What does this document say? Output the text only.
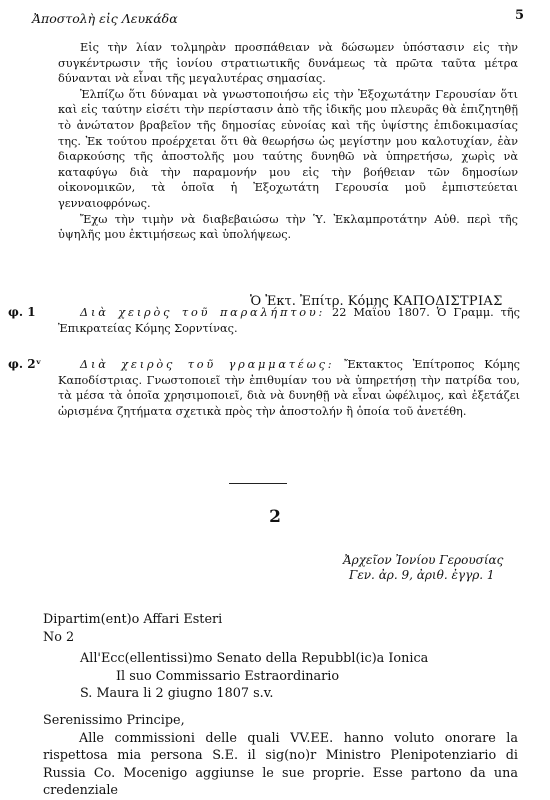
Ἀποστολὴ εἰς Λευκάδα	5

Εἰς τὴν λίαν τολμηρὰν προσπάθειαν νὰ δώσωμεν ὑπόστασιν εἰς τὴν συγκέντρωσιν τῆς ἰονίου στρατιωτικῆς δυνάμεως τὰ πρῶτα ταῦτα μέτρα δύνανται νὰ εἶναι τῆς μεγαλυτέρας σημασίας.

Ἐλπίζω ὅτι δύναμαι νὰ γνωστοποιήσω εἰς τὴν Ἐξοχωτάτην Γερουσίαν ὅτι καὶ εἰς ταύτην εἰσέτι τὴν περίστασιν ἀπὸ τῆς ἰδικῆς μου πλευρᾶς θὰ ἐπιζητηθῇ τὸ ἀνώτατον βραβεῖον τῆς δημοσίας εὐνοίας καὶ τῆς ὑψίστης ἐπιδοκιμασίας της. Ἐκ τούτου προέρχεται ὅτι θὰ θεωρήσω ὡς μεγίστην μου καλοτυχίαν, ἐὰν διαρκούσης τῆς ἀποστολῆς μου ταύτης δυνηθῶ νὰ ὑπηρετήσω, χωρὶς νὰ καταφύγω διὰ τὴν παραμονήν μου εἰς τὴν βοήθειαν τῶν δημοσίων οἰκονομικῶν, τὰ ὁποῖα ἡ Ἐξοχωτάτη Γερουσία μοῦ ἐμπιστεύεται γενναιοφρόνως.

Ἔχω τὴν τιμὴν νὰ διαβεβαιώσω τὴν Ὑ. Ἐκλαμπροτάτην Αὐθ. περὶ τῆς ὑψηλῆς μου ἐκτιμήσεως καὶ ὑπολήψεως.

Ὁ Ἐκτ. Ἐπίτρ. Κόμης ΚΑΠΟΔΙΣΤΡΙΑΣ
φ. 1	Διὰ χειρὸς τοῦ παραλήπτου: 22 Μαΐου 1807. Ὁ Γραμμ. τῆς Ἐπικρατείας Κόμης Σορντίνας.
φ. 2ᵛ	Διὰ χειρὸς τοῦ γραμματέως: Ἔκτακτος Ἐπίτροπος Κόμης Καποδίστριας. Γνωστοποιεῖ τὴν ἐπιθυμίαν του νὰ ὑπηρετήσῃ τὴν πατρίδα του, τὰ μέσα τὰ ὁποῖα χρησιμοποιεῖ, διὰ νὰ δυνηθῇ νὰ εἶναι ὠφέλιμος, καὶ ἐξετάζει ὡρισμένα ζητήματα σχετικὰ πρὸς τὴν ἀποστολήν ἢ ὁποία τοῦ ἀνετέθη.
2
Ἀρχεῖον Ἰονίου Γερουσίας
Γεν. ἀρ. 9, ἀριθ. ἐγγρ. 1
Dipartim(ent)o Affari Esteri
No 2
All'Ecc(ellentissi)mo Senato della Repubbl(ic)a Ionica
Il suo Commissario Estraordinario
S. Maura li 2 giugno 1807 s.v.
Serenissimo Principe,
Alle commissioni delle quali VV.EE. hanno voluto onorare la rispettosa mia persona S.E. il sig(no)r Ministro Plenipotenziario di Russia Co. Mocenigo aggiunse le sue proprie. Esse partono da una credenziale
